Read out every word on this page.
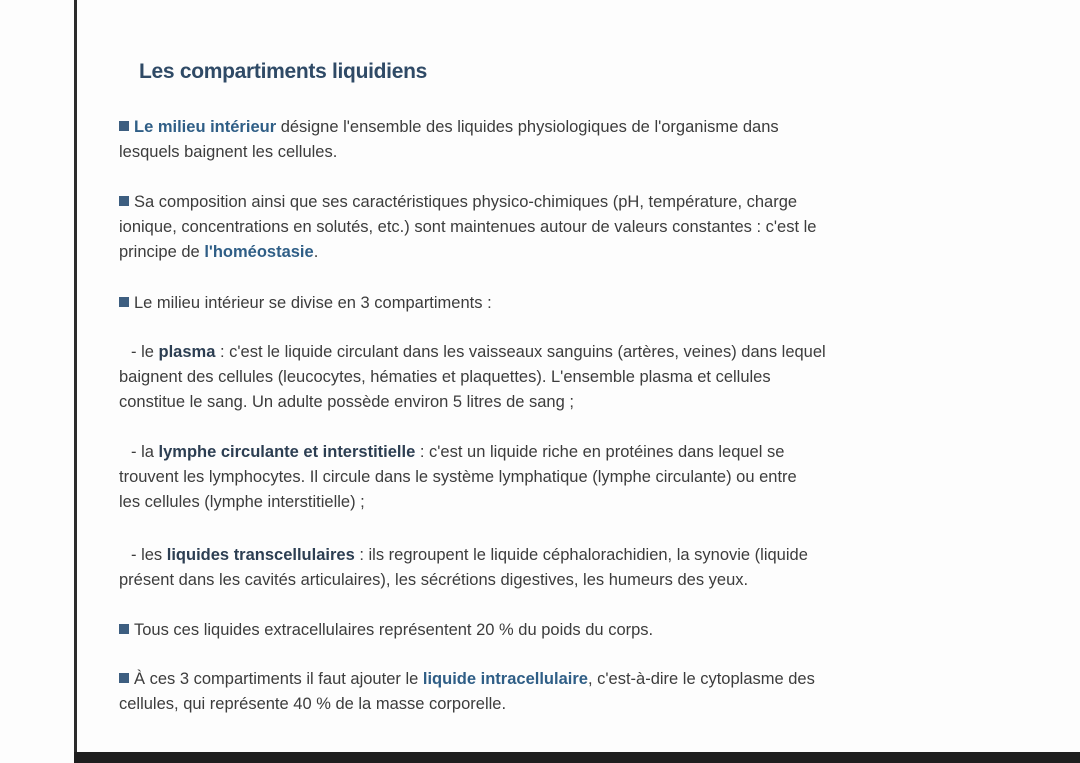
Les compartiments liquidiens
Le milieu intérieur désigne l'ensemble des liquides physiologiques de l'organisme dans
lesquels baignent les cellules.
Sa composition ainsi que ses caractéristiques physico-chimiques (pH, température, charge
ionique, concentrations en solutés, etc.) sont maintenues autour de valeurs constantes : c'est le
principe de l'homéostasie.
Le milieu intérieur se divise en 3 compartiments :
- le plasma : c'est le liquide circulant dans les vaisseaux sanguins (artères, veines) dans lequel
baignent des cellules (leucocytes, hématies et plaquettes). L'ensemble plasma et cellules
constitue le sang. Un adulte possède environ 5 litres de sang ;
- la lymphe circulante et interstitielle : c'est un liquide riche en protéines dans lequel se
trouvent les lymphocytes. Il circule dans le système lymphatique (lymphe circulante) ou entre
les cellules (lymphe interstitielle) ;
- les liquides transcellulaires : ils regroupent le liquide céphalorachidien, la synovie (liquide
présent dans les cavités articulaires), les sécrétions digestives, les humeurs des yeux.
Tous ces liquides extracellulaires représentent 20 % du poids du corps.
À ces 3 compartiments il faut ajouter le liquide intracellulaire, c'est-à-dire le cytoplasme des
cellules, qui représente 40 % de la masse corporelle.
